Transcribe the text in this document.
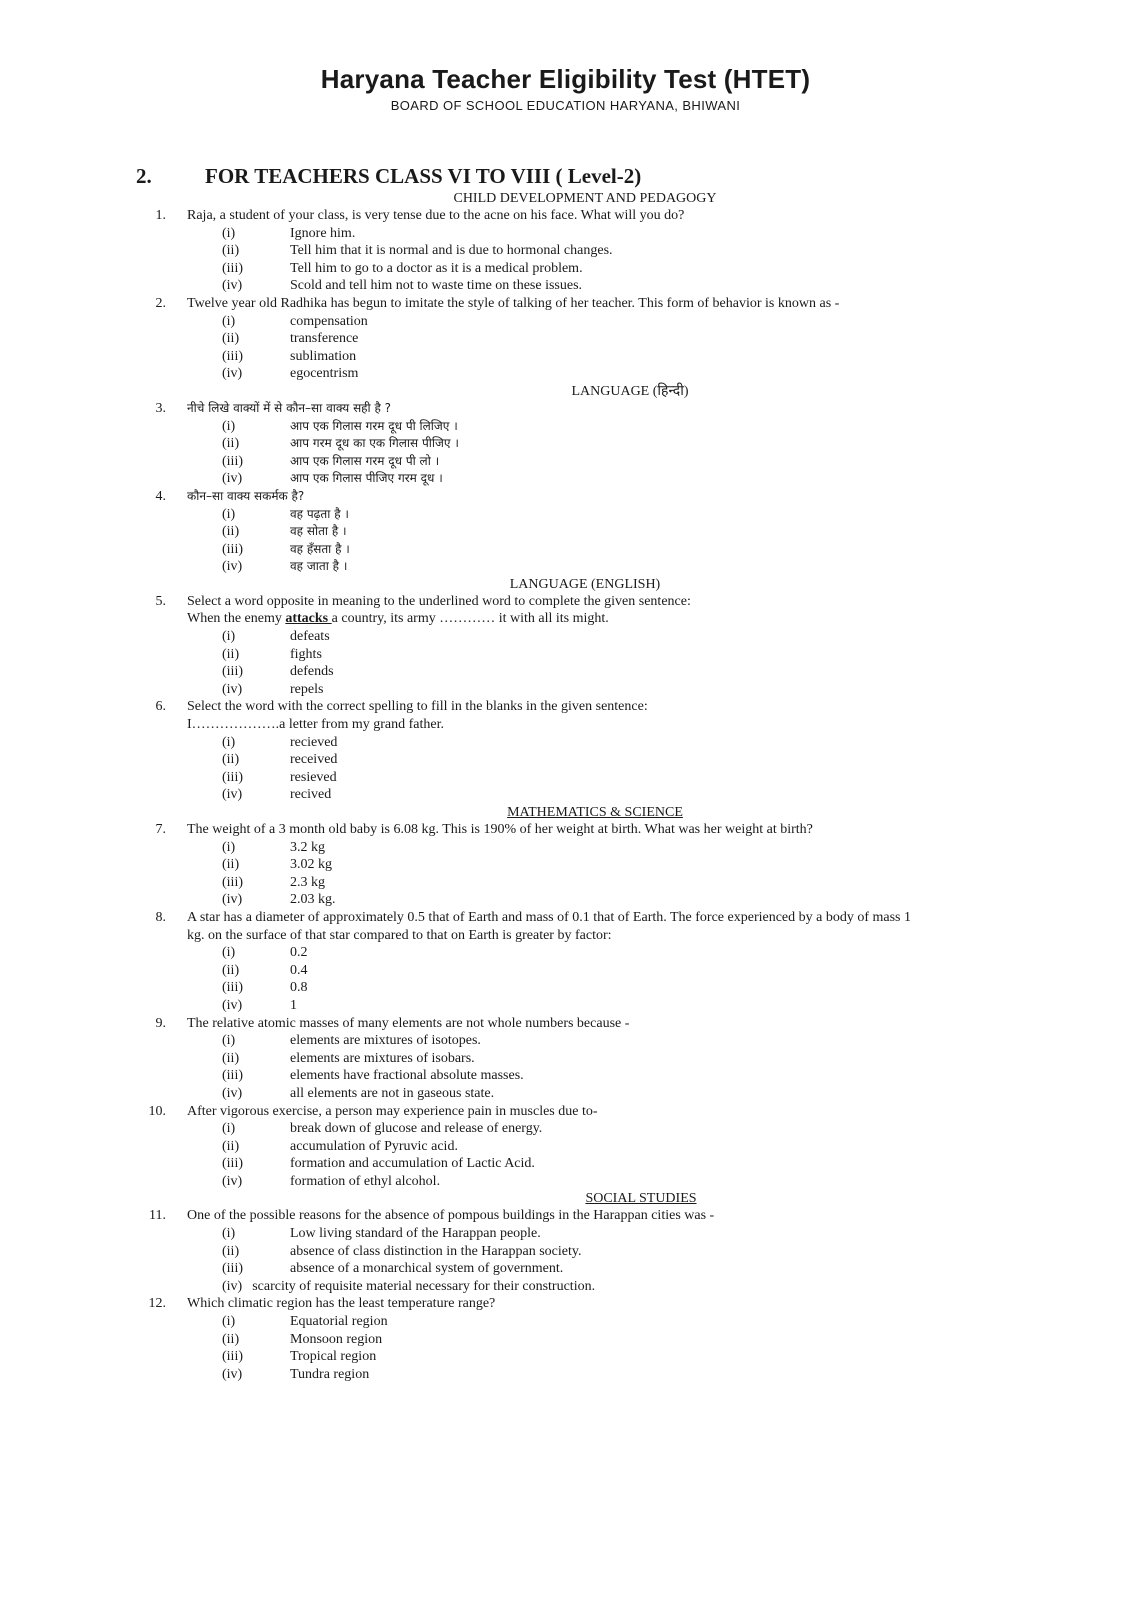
Haryana Teacher Eligibility Test (HTET)
BOARD OF SCHOOL EDUCATION HARYANA, BHIWANI
2.	FOR TEACHERS CLASS VI TO VIII ( Level-2)
CHILD DEVELOPMENT AND PEDAGOGY
1. Raja, a student of your class, is very tense due to the acne on his face. What will you do?
(i)	Ignore him.
(ii)	Tell him that it is normal and is due to hormonal changes.
(iii)	Tell him to go to a doctor as it is a medical problem.
(iv)	Scold and tell him not to waste time on these issues.
2. Twelve year old Radhika has begun to imitate the style of talking of her teacher. This form of behavior is known as -
(i)	compensation
(ii)	transference
(iii)	sublimation
(iv)	egocentrism
LANGUAGE (हिन्दी)
3. नीचे लिखे वाक्यों में से कौन–सा वाक्य सही है ?
(i)	आप एक गिलास गरम दूध पी लिजिए ।
(ii)	आप गरम दूध का एक गिलास पीजिए ।
(iii)	आप एक गिलास गरम दूध पी लो ।
(iv)	आप एक गिलास पीजिए गरम दूध ।
4. कौन–सा वाक्य सकर्मक है?
(i)	वह पढ़ता है ।
(ii)	वह सोता है ।
(iii)	वह हँसता है ।
(iv)	वह जाता है ।
LANGUAGE (ENGLISH)
5. Select a word opposite in meaning to the underlined word to complete the given sentence:
When the enemy attacks a country, its army ………… it with all its might.
(i)	defeats
(ii)	fights
(iii)	defends
(iv)	repels
6. Select the word with the correct spelling to fill in the blanks in the given sentence:
I……………….a letter from my grand father.
(i)	recieved
(ii)	received
(iii)	resieved
(iv)	recived
MATHEMATICS & SCIENCE
7. The weight of a 3 month old baby is 6.08 kg. This is 190% of her weight at birth. What was her weight at birth?
(i)	3.2 kg
(ii)	3.02 kg
(iii)	2.3 kg
(iv)	2.03 kg.
8. A star has a diameter of approximately 0.5 that of Earth and mass of 0.1 that of Earth. The force experienced by a body of mass 1
kg. on the surface of that star compared to that on Earth is greater by factor:
(i)	0.2
(ii)	0.4
(iii)	0.8
(iv)	1
9. The relative atomic masses of many elements are not whole numbers because -
(i)	elements are mixtures of isotopes.
(ii)	elements are mixtures of isobars.
(iii)	elements have fractional absolute masses.
(iv)	all elements are not in gaseous state.
10. After vigorous exercise, a person may experience pain in muscles due to-
(i)	break down of glucose and release of energy.
(ii)	accumulation of Pyruvic acid.
(iii)	formation and accumulation of Lactic Acid.
(iv)	formation of ethyl alcohol.
SOCIAL STUDIES
11. One of the possible reasons for the absence of pompous buildings in the Harappan cities was -
(i)	Low living standard of the Harappan people.
(ii)	absence of class distinction in the Harappan society.
(iii)	absence of a monarchical system of government.
(iv) scarcity of requisite material necessary for their construction.
12. Which climatic region has the least temperature range?
(i)	Equatorial region
(ii)	Monsoon region
(iii)	Tropical region
(iv)	Tundra region
